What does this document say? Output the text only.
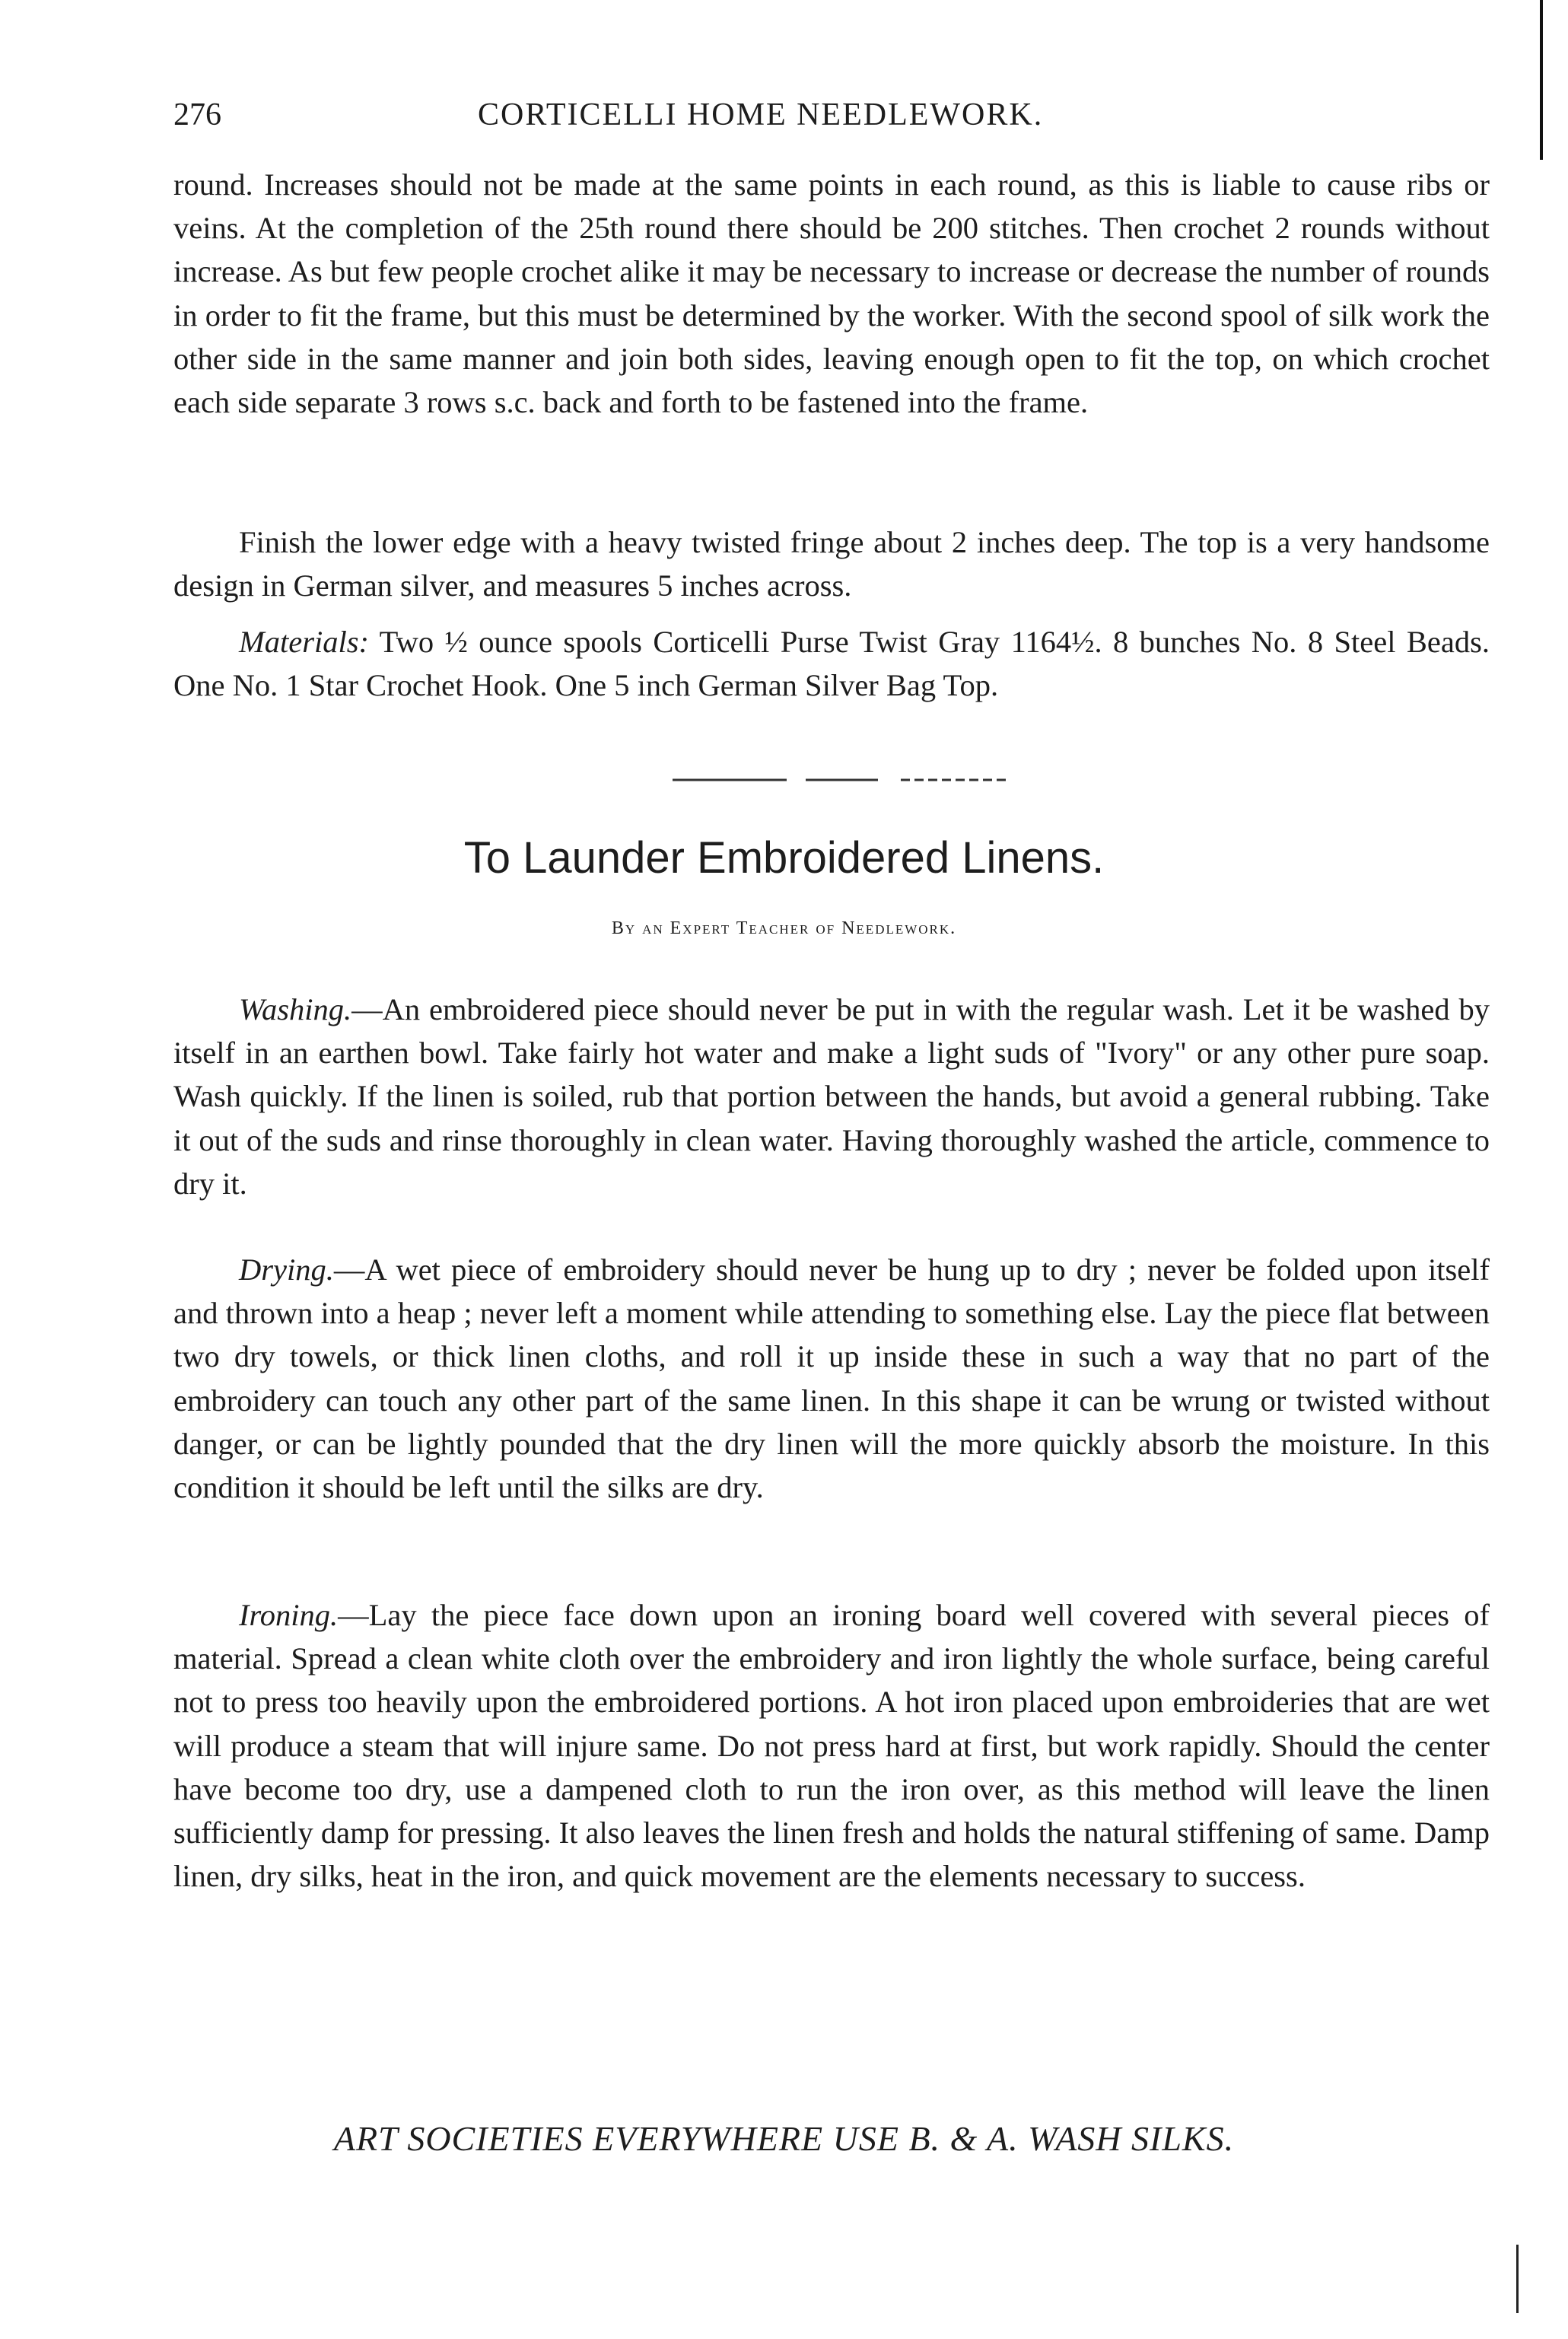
276	CORTICELLI HOME NEEDLEWORK.

round. Increases should not be made at the same points in each round, as this is liable to cause ribs or veins. At the completion of the 25th round there should be 200 stitches. Then crochet 2 rounds without increase. As but few people crochet alike it may be necessary to increase or decrease the number of rounds in order to fit the frame, but this must be determined by the worker. With the second spool of silk work the other side in the same manner and join both sides, leaving enough open to fit the top, on which crochet each side separate 3 rows s.c. back and forth to be fastened into the frame.

Finish the lower edge with a heavy twisted fringe about 2 inches deep. The top is a very handsome design in German silver, and measures 5 inches across.

Materials: Two ½ ounce spools Corticelli Purse Twist Gray 1164½. 8 bunches No. 8 Steel Beads. One No. 1 Star Crochet Hook. One 5 inch German Silver Bag Top.

To Launder Embroidered Linens.
By an Expert Teacher of Needlework.

Washing.—An embroidered piece should never be put in with the regular wash. Let it be washed by itself in an earthen bowl. Take fairly hot water and make a light suds of "Ivory" or any other pure soap. Wash quickly. If the linen is soiled, rub that portion between the hands, but avoid a general rubbing. Take it out of the suds and rinse thoroughly in clean water. Having thoroughly washed the article, commence to dry it.

Drying.—A wet piece of embroidery should never be hung up to dry ; never be folded upon itself and thrown into a heap ; never left a moment while attending to something else. Lay the piece flat between two dry towels, or thick linen cloths, and roll it up inside these in such a way that no part of the embroidery can touch any other part of the same linen. In this shape it can be wrung or twisted without danger, or can be lightly pounded that the dry linen will the more quickly absorb the moisture. In this condition it should be left until the silks are dry.

Ironing.—Lay the piece face down upon an ironing board well covered with several pieces of material. Spread a clean white cloth over the embroidery and iron lightly the whole surface, being careful not to press too heavily upon the embroidered portions. A hot iron placed upon embroideries that are wet will produce a steam that will injure same. Do not press hard at first, but work rapidly. Should the center have become too dry, use a dampened cloth to run the iron over, as this method will leave the linen sufficiently damp for pressing. It also leaves the linen fresh and holds the natural stiffening of same. Damp linen, dry silks, heat in the iron, and quick movement are the elements necessary to success.

ART SOCIETIES EVERYWHERE USE B. & A. WASH SILKS.
